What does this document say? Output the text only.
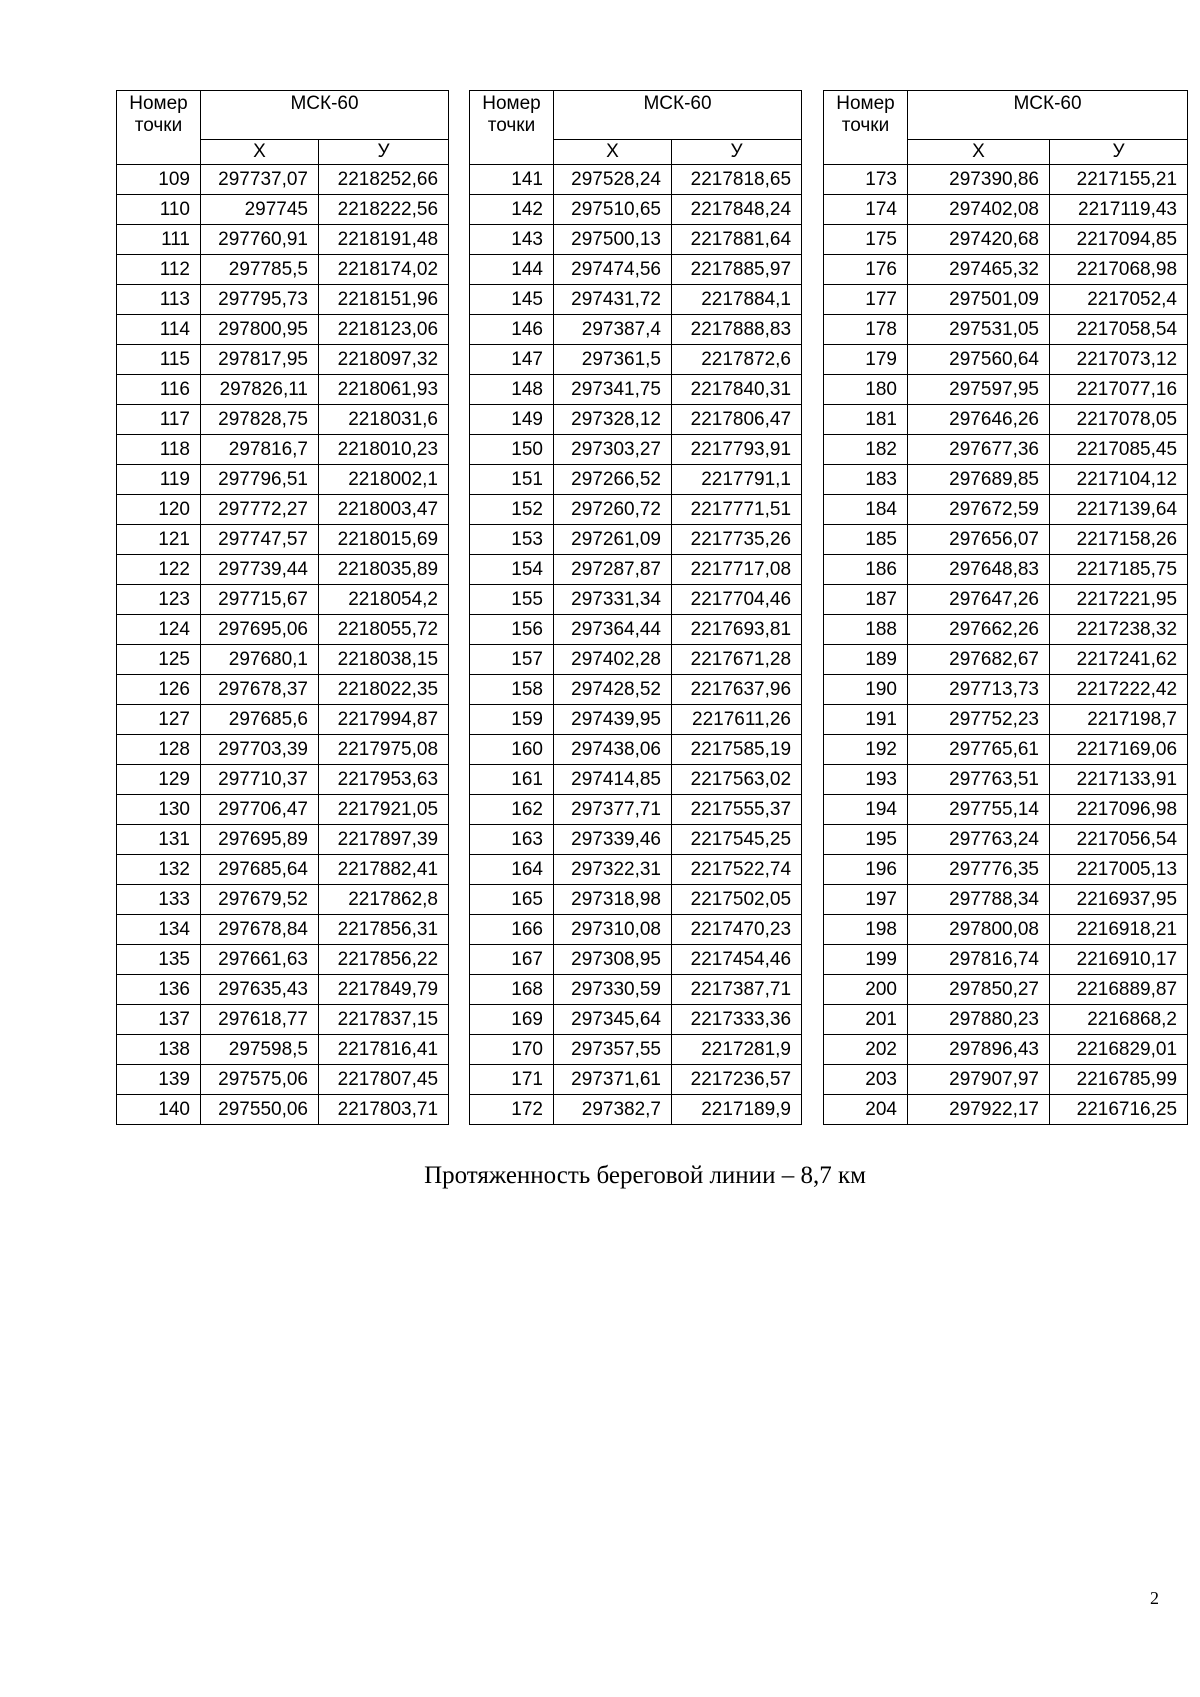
Номер точки	МСК-60	
	X	У
109	297737,07	2218252,66
110	297745	2218222,56
111	297760,91	2218191,48
112	297785,5	2218174,02
113	297795,73	2218151,96
114	297800,95	2218123,06
115	297817,95	2218097,32
116	297826,11	2218061,93
117	297828,75	2218031,6
118	297816,7	2218010,23
119	297796,51	2218002,1
120	297772,27	2218003,47
121	297747,57	2218015,69
122	297739,44	2218035,89
123	297715,67	2218054,2
124	297695,06	2218055,72
125	297680,1	2218038,15
126	297678,37	2218022,35
127	297685,6	2217994,87
128	297703,39	2217975,08
129	297710,37	2217953,63
130	297706,47	2217921,05
131	297695,89	2217897,39
132	297685,64	2217882,41
133	297679,52	2217862,8
134	297678,84	2217856,31
135	297661,63	2217856,22
136	297635,43	2217849,79
137	297618,77	2217837,15
138	297598,5	2217816,41
139	297575,06	2217807,45
140	297550,06	2217803,71
Номер точки	МСК-60	
	X	У
141	297528,24	2217818,65
142	297510,65	2217848,24
143	297500,13	2217881,64
144	297474,56	2217885,97
145	297431,72	2217884,1
146	297387,4	2217888,83
147	297361,5	2217872,6
148	297341,75	2217840,31
149	297328,12	2217806,47
150	297303,27	2217793,91
151	297266,52	2217791,1
152	297260,72	2217771,51
153	297261,09	2217735,26
154	297287,87	2217717,08
155	297331,34	2217704,46
156	297364,44	2217693,81
157	297402,28	2217671,28
158	297428,52	2217637,96
159	297439,95	2217611,26
160	297438,06	2217585,19
161	297414,85	2217563,02
162	297377,71	2217555,37
163	297339,46	2217545,25
164	297322,31	2217522,74
165	297318,98	2217502,05
166	297310,08	2217470,23
167	297308,95	2217454,46
168	297330,59	2217387,71
169	297345,64	2217333,36
170	297357,55	2217281,9
171	297371,61	2217236,57
172	297382,7	2217189,9
Номер точки	МСК-60	
	X	У
173	297390,86	2217155,21
174	297402,08	2217119,43
175	297420,68	2217094,85
176	297465,32	2217068,98
177	297501,09	2217052,4
178	297531,05	2217058,54
179	297560,64	2217073,12
180	297597,95	2217077,16
181	297646,26	2217078,05
182	297677,36	2217085,45
183	297689,85	2217104,12
184	297672,59	2217139,64
185	297656,07	2217158,26
186	297648,83	2217185,75
187	297647,26	2217221,95
188	297662,26	2217238,32
189	297682,67	2217241,62
190	297713,73	2217222,42
191	297752,23	2217198,7
192	297765,61	2217169,06
193	297763,51	2217133,91
194	297755,14	2217096,98
195	297763,24	2217056,54
196	297776,35	2217005,13
197	297788,34	2216937,95
198	297800,08	2216918,21
199	297816,74	2216910,17
200	297850,27	2216889,87
201	297880,23	2216868,2
202	297896,43	2216829,01
203	297907,97	2216785,99
204	297922,17	2216716,25
Протяженность береговой линии – 8,7 км
2
